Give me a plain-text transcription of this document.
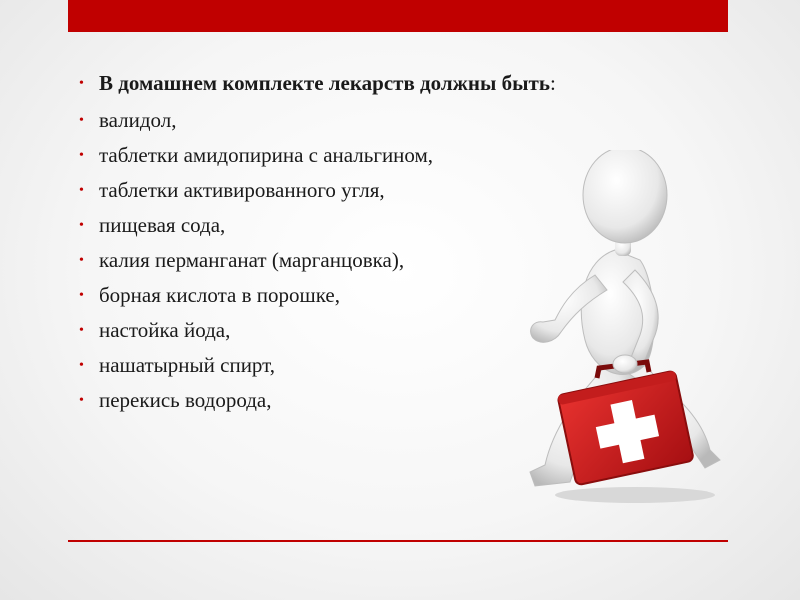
• В домашнем комплекте лекарств должны быть:
• валидол,
• таблетки амидопирина с анальгином,
• таблетки активированного угля,
• пищевая сода,
• калия перманганат (марганцовка),
• борная кислота в порошке,
• настойка йода,
• нашатырный спирт,
• перекись водорода,
